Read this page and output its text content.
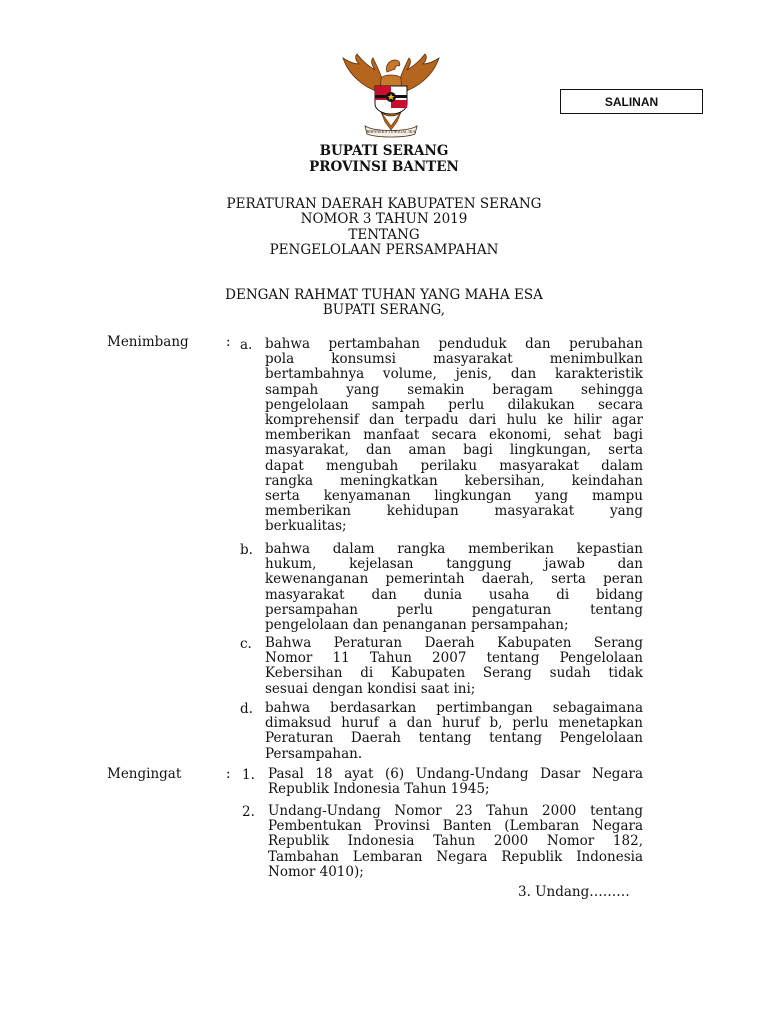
BHINNEKA TUNGGAL IKA
SALINAN
BUPATI SERANG
PROVINSI BANTEN
PERATURAN DAERAH KABUPATEN SERANG
NOMOR 3 TAHUN 2019
TENTANG
PENGELOLAAN PERSAMPAHAN
DENGAN RAHMAT TUHAN YANG MAHA ESA
BUPATI SERANG,
Menimbang	: a. bahwa pertambahan penduduk dan perubahan
pola konsumsi masyarakat menimbulkan
bertambahnya volume, jenis, dan karakteristik
sampah yang semakin beragam sehingga
pengelolaan sampah perlu dilakukan secara
komprehensif dan terpadu dari hulu ke hilir agar
memberikan manfaat secara ekonomi, sehat bagi
masyarakat, dan aman bagi lingkungan, serta
dapat mengubah perilaku masyarakat dalam
rangka meningkatkan kebersihan, keindahan
serta kenyamanan lingkungan yang mampu
memberikan kehidupan masyarakat yang
berkualitas;
b. bahwa dalam rangka memberikan kepastian
hukum, kejelasan tanggung jawab dan
kewenanganan pemerintah daerah, serta peran
masyarakat dan dunia usaha di bidang
persampahan perlu pengaturan tentang
pengelolaan dan penanganan persampahan;
c. Bahwa Peraturan Daerah Kabupaten Serang
Nomor 11 Tahun 2007 tentang Pengelolaan
Kebersihan di Kabupaten Serang sudah tidak
sesuai dengan kondisi saat ini;
d. bahwa berdasarkan pertimbangan sebagaimana
dimaksud huruf a dan huruf b, perlu menetapkan
Peraturan Daerah tentang tentang Pengelolaan
Persampahan.
Mengingat	: 1. Pasal 18 ayat (6) Undang-Undang Dasar Negara
Republik Indonesia Tahun 1945;
2. Undang-Undang Nomor 23 Tahun 2000 tentang
Pembentukan Provinsi Banten (Lembaran Negara
Republik Indonesia Tahun 2000 Nomor 182,
Tambahan Lembaran Negara Republik Indonesia
Nomor 4010);
3. Undang………
